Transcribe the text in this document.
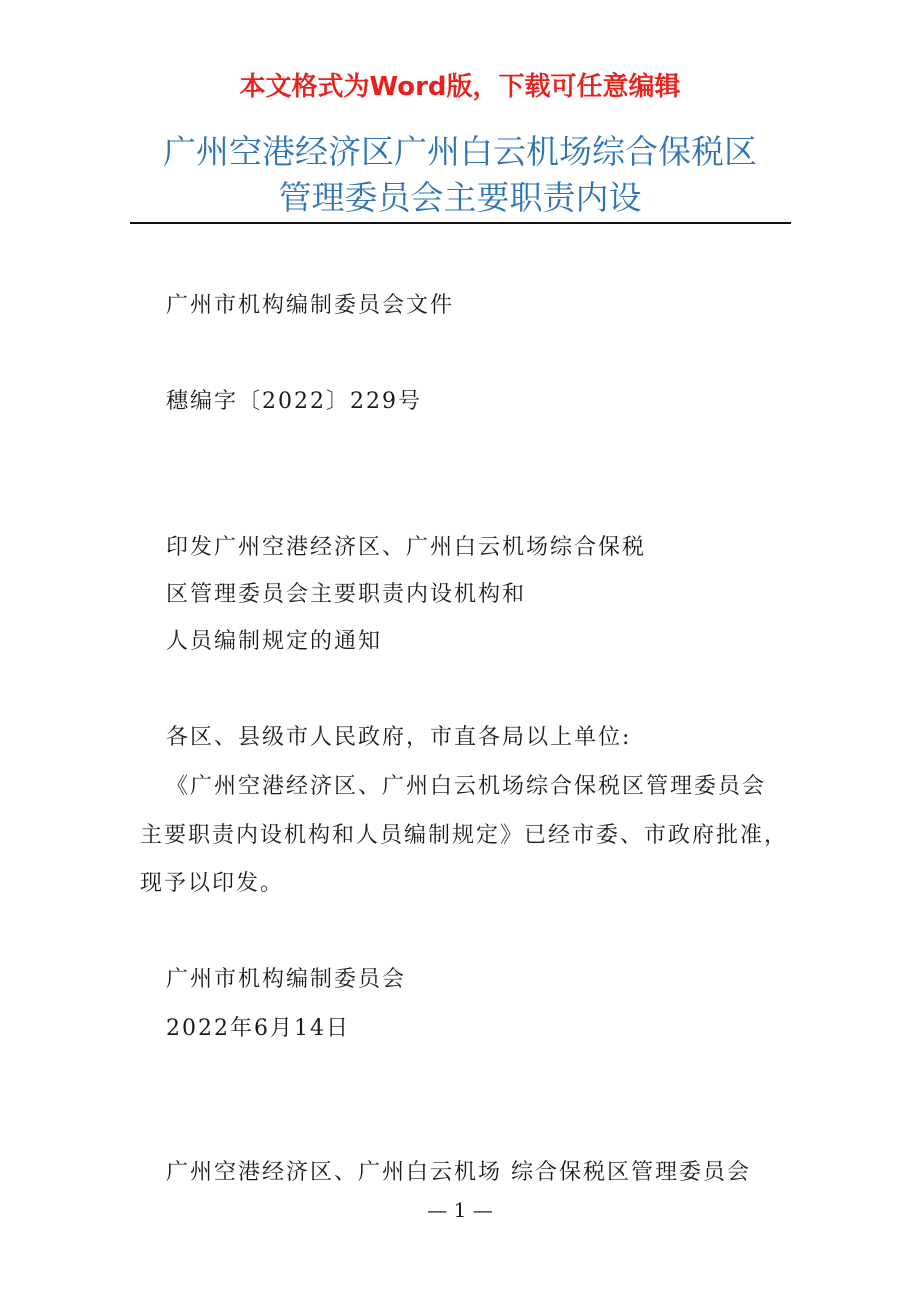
本文格式为Word版，下载可任意编辑
广州空港经济区广州白云机场综合保税区
管理委员会主要职责内设
广州市机构编制委员会文件
穗编字〔2022〕229号
印发广州空港经济区、广州白云机场综合保税
区管理委员会主要职责内设机构和
人员编制规定的通知
各区、县级市人民政府，市直各局以上单位:
《广州空港经济区、广州白云机场综合保税区管理委员会
主要职责内设机构和人员编制规定》已经市委、市政府批准，
现予以印发。
广州市机构编制委员会
2022年6月14日
广州空港经济区、广州白云机场 综合保税区管理委员会
— 1 —
